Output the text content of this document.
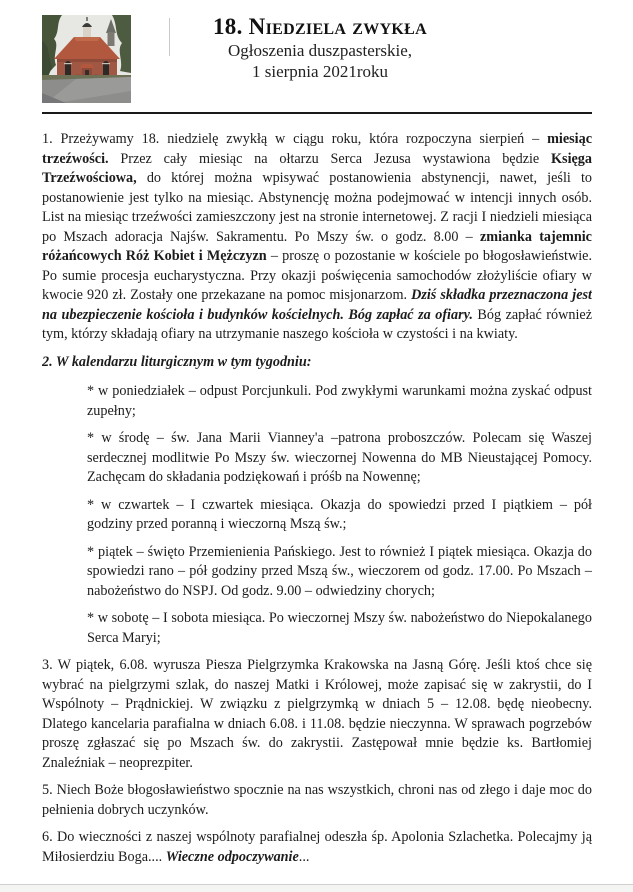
18. Niedziela zwykła
Ogłoszenia duszpasterskie,
1 sierpnia 2021roku

1. Przeżywamy 18. niedzielę zwykłą w ciągu roku, która rozpoczyna sierpień – miesiąc trzeźwości. Przez cały miesiąc na ołtarzu Serca Jezusa wystawiona będzie Księga Trzeźwościowa, do której można wpisywać postanowienia abstynencji, nawet, jeśli to postanowienie jest tylko na miesiąc. Abstynencję można podejmować w intencji innych osób. List na miesiąc trzeźwości zamieszczony jest na stronie internetowej. Z racji I niedzieli miesiąca po Mszach adoracja Najśw. Sakramentu. Po Mszy św. o godz. 8.00 – zmianka tajemnic różańcowych Róż Kobiet i Mężczyzn – proszę o pozostanie w kościele po błogosławieństwie. Po sumie procesja eucharystyczna. Przy okazji poświęcenia samochodów złożyliście ofiary w kwocie 920 zł. Zostały one przekazane na pomoc misjonarzom. Dziś składka przeznaczona jest na ubezpieczenie kościoła i budynków kościelnych. Bóg zapłać za ofiary. Bóg zapłać również tym, którzy składają ofiary na utrzymanie naszego kościoła w czystości i na kwiaty.

2. W kalendarzu liturgicznym w tym tygodniu:

* w poniedziałek – odpust Porcjunkuli. Pod zwykłymi warunkami można zyskać odpust zupełny;

* w środę – św. Jana Marii Vianney'a –patrona proboszczów. Polecam się Waszej serdecznej modlitwie Po Mszy św. wieczornej Nowenna do MB Nieustającej Pomocy. Zachęcam do składania podziękowań i próśb na Nowennę;

* w czwartek – I czwartek miesiąca. Okazja do spowiedzi przed I piątkiem – pół godziny przed poranną i wieczorną Mszą św.;

* piątek – święto Przemienienia Pańskiego. Jest to również I piątek miesiąca. Okazja do spowiedzi rano – pół godziny przed Mszą św., wieczorem od godz. 17.00. Po Mszach – nabożeństwo do NSPJ. Od godz. 9.00 – odwiedziny chorych;

* w sobotę – I sobota miesiąca. Po wieczornej Mszy św. nabożeństwo do Niepokalanego Serca Maryi;

3. W piątek, 6.08. wyrusza Piesza Pielgrzymka Krakowska na Jasną Górę. Jeśli ktoś chce się wybrać na pielgrzymi szlak, do naszej Matki i Królowej, może zapisać się w zakrystii, do I Wspólnoty – Prądnickiej. W związku z pielgrzymką w dniach 5 – 12.08. będę nieobecny. Dlatego kancelaria parafialna w dniach 6.08. i 11.08. będzie nieczynna. W sprawach pogrzebów proszę zgłaszać się po Mszach św. do zakrystii. Zastępował mnie będzie ks. Bartłomiej Znaleźniak – neoprezpiter.

5. Niech Boże błogosławieństwo spocznie na nas wszystkich, chroni nas od złego i daje moc do pełnienia dobrych uczynków.

6. Do wieczności z naszej wspólnoty parafialnej odeszła śp. Apolonia Szlachetka. Polecajmy ją Miłosierdziu Boga.... Wieczne odpoczywanie...
